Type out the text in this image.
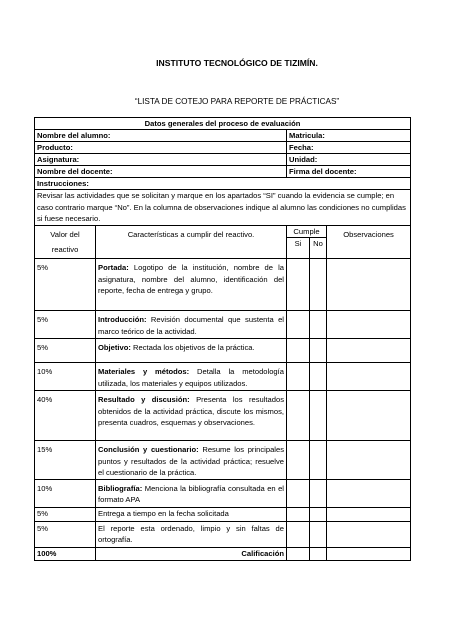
INSTITUTO TECNOLÓGICO DE TIZIMÍN.
“LISTA DE COTEJO PARA REPORTE DE PRÁCTICAS”
Datos generales del proceso de evaluación				
Nombre del alumno:		Matricula:		
Producto:		Fecha:		
Asignatura:		Unidad:		
Nombre del docente:		Firma del docente:		
Instrucciones:				
Revisar las actividades que se solicitan y marque en los apartados “SI” cuando la evidencia se cumple; en caso contrario marque “No”. En la columna de observaciones indique al alumno las condiciones no cumplidas si fuese necesario.				
Valor del reactivo	Características a cumplir del reactivo.	Cumple		Observaciones
		Si	No	
5%	Portada: Logotipo de la institución, nombre de la asignatura, nombre del alumno, identificación del reporte, fecha de entrega y grupo.			
5%	Introducción: Revisión documental que sustenta el marco teórico de la actividad.			
5%	Objetivo: Rectada los objetivos de la práctica.			
10%	Materiales y métodos: Detalla la metodología utilizada, los materiales y equipos utilizados.			
40%	Resultado y discusión: Presenta los resultados obtenidos de la actividad práctica, discute los mismos, presenta cuadros, esquemas y observaciones.			
15%	Conclusión y cuestionario: Resume los principales puntos y resultados de la actividad práctica; resuelve el cuestionario de la práctica.			
10%	Bibliografía: Menciona la bibliografía consultada en el formato APA			
5%	Entrega a tiempo en la fecha solicitada			
5%	El reporte esta ordenado, limpio y sin faltas de ortografía.			
100%	Calificación			
